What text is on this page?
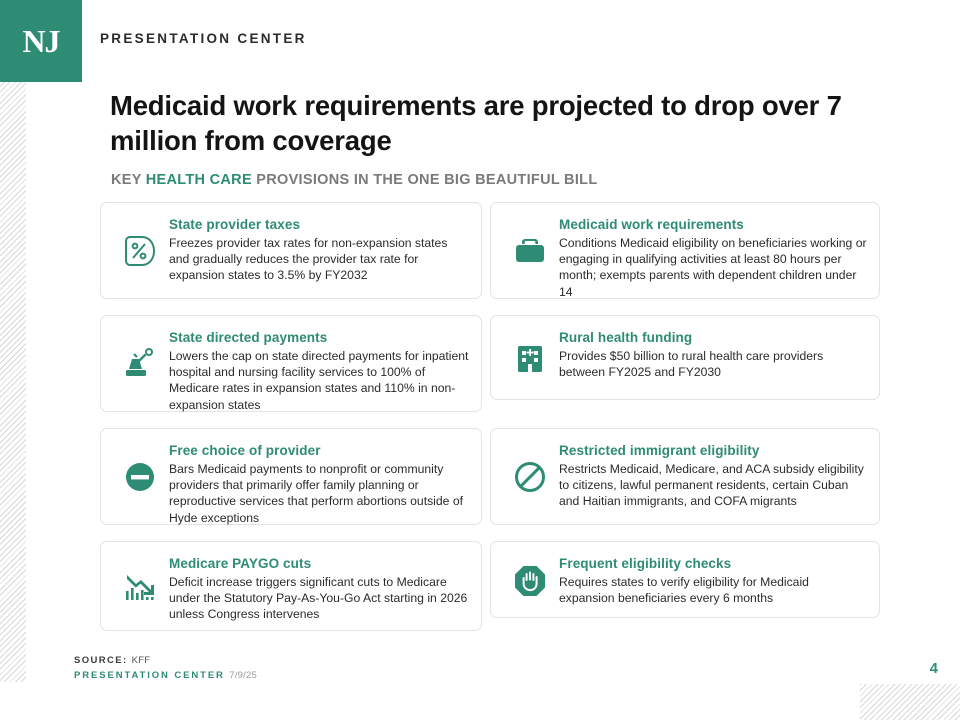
NJ	PRESENTATION CENTER
Medicaid work requirements are projected to drop over 7 million from coverage
KEY HEALTH CARE PROVISIONS IN THE ONE BIG BEAUTIFUL BILL
State provider taxes

Freezes provider tax rates for non-expansion states and gradually reduces the provider tax rate for expansion states to 3.5% by FY2032

Medicaid work requirements

Conditions Medicaid eligibility on beneficiaries working or engaging in qualifying activities at least 80 hours per month; exempts parents with dependent children under 14

State directed payments

Lowers the cap on state directed payments for inpatient hospital and nursing facility services to 100% of Medicare rates in expansion states and 110% in non-expansion states

Rural health funding

Provides $50 billion to rural health care providers between FY2025 and FY2030

Free choice of provider

Bars Medicaid payments to nonprofit or community providers that primarily offer family planning or reproductive services that perform abortions outside of Hyde exceptions

Restricted immigrant eligibility

Restricts Medicaid, Medicare, and ACA subsidy eligibility to citizens, lawful permanent residents, certain Cuban and Haitian immigrants, and COFA migrants

Medicare PAYGO cuts

Deficit increase triggers significant cuts to Medicare under the Statutory Pay-As-You-Go Act starting in 2026 unless Congress intervenes

Frequent eligibility checks

Requires states to verify eligibility for Medicaid expansion beneficiaries every 6 months

SOURCE: KFF
PRESENTATION CENTER 7/9/25	4
